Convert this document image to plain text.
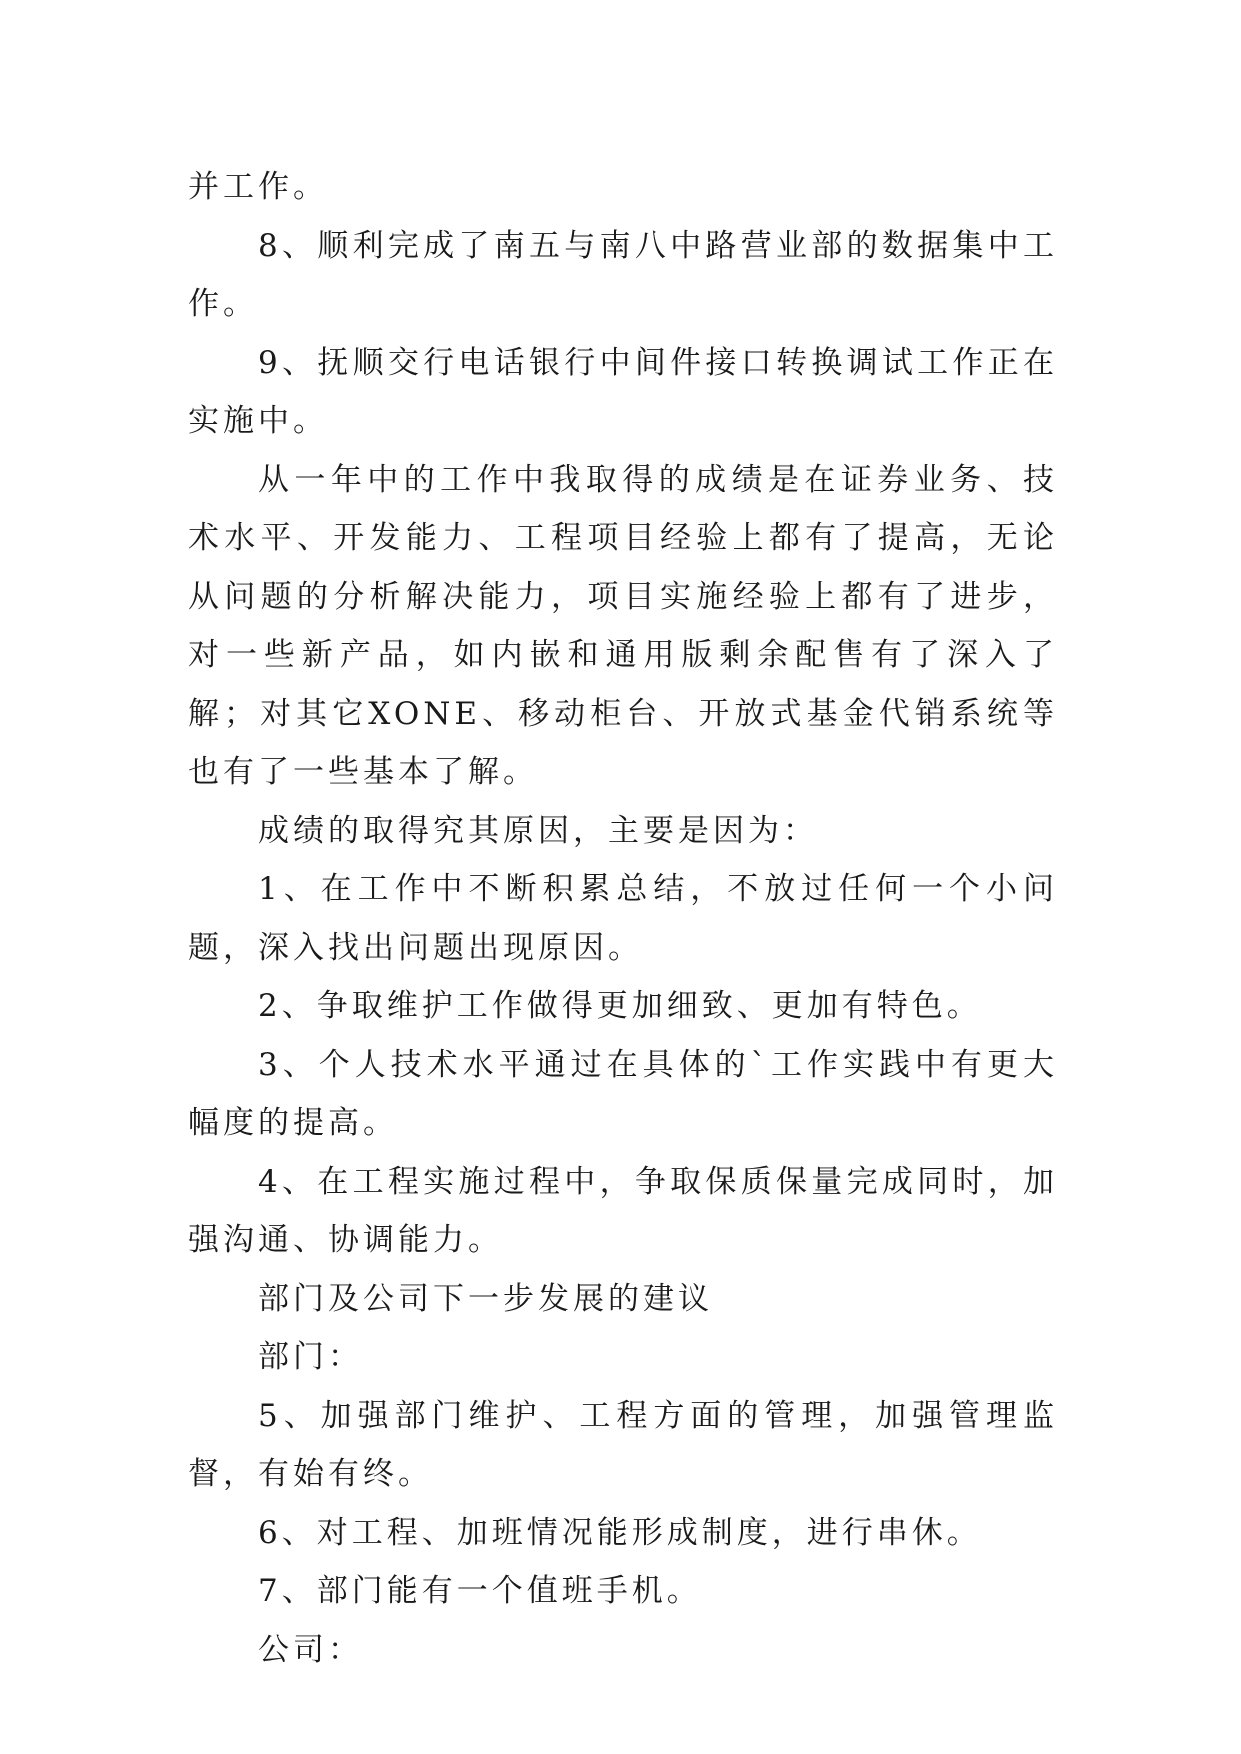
并工作。

8、顺利完成了南五与南八中路营业部的数据集中工作。

9、抚顺交行电话银行中间件接口转换调试工作正在实施中。

从一年中的工作中我取得的成绩是在证券业务、技术水平、开发能力、工程项目经验上都有了提高，无论从问题的分析解决能力，项目实施经验上都有了进步，对一些新产品，如内嵌和通用版剩余配售有了深入了解；对其它XONE、移动柜台、开放式基金代销系统等也有了一些基本了解。

成绩的取得究其原因，主要是因为：

1、在工作中不断积累总结，不放过任何一个小问题，深入找出问题出现原因。

2、争取维护工作做得更加细致、更加有特色。

3、个人技术水平通过在具体的`工作实践中有更大幅度的提高。

4、在工程实施过程中，争取保质保量完成同时，加强沟通、协调能力。

部门及公司下一步发展的建议

部门：

5、加强部门维护、工程方面的管理，加强管理监督，有始有终。

6、对工程、加班情况能形成制度，进行串休。

7、部门能有一个值班手机。

公司：
